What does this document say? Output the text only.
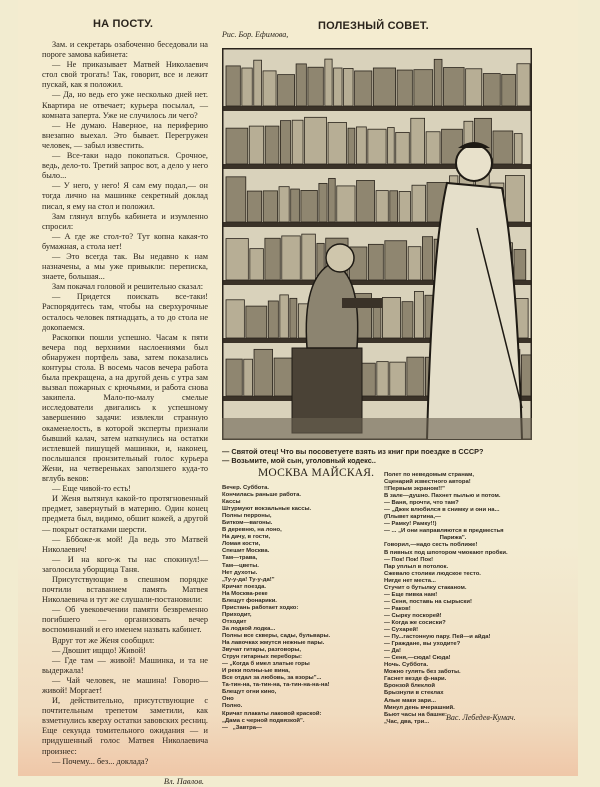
НА ПОСТУ.

Зам. и секретарь озабоченно беседовали на пороге замова кабинета:

— Не приказывает Матвей Николаевич стол свой трогать! Так, говорит, все и лежит пускай, как я положил.

— Да, но ведь его уже несколько дней нет. Квартира не отвечает; курьера посылал, — комната заперта. Уже не случилось ли чего?

— Не думаю. Наверное, на периферию внезапно выехал. Это бывает. Перегружен человек, — забыл известить.

— Все-таки надо покопаться. Срочное, ведь, дело-то. Третий запрос вот, а дело у него было...

— У него, у него! Я сам ему подал,— он тогда лично на машинке секретный доклад писал, я ему на стол и положил.

Зам глянул вглубь кабинета и изумленно спросил:

— А где же стол-то? Тут копна какая-то бумажная, а стола нет!

— Это всегда так. Вы недавно к нам назначены, а мы уже привыкли: переписка, знаете, большая...

Зам покачал головой и решительно сказал:

— Придется поискать все-таки! Распорядитесь там, чтобы на сверхурочные осталось человек пятнадцать, а то до стола не докопаемся.

Раскопки пошли успешно. Часам к пяти вечера под верхними наслоениями был обнаружен портфель зава, затем показались контуры стола. В восемь часов вечера работа была прекращена, а на другой день с утра зам вызвал пожарных с крючьями, и работа снова закипела. Мало-по-малу смелые исследователи двигались к успешному завершению задачи: извлекли странную окаменелость, в которой эксперты признали бывший калач, затем наткнулись на остатки истлевшей пишущей машинки, и, наконец, послышался пронзительный голос курьера Жени, на четвереньках заползшего куда-то вглубь веков:

— Еще чивой-то есть!

И Женя вытянул какой-то протягновенный предмет, завернутый в материю. Один конец предмета был, видимо, обшит кожей, а другой — покрыт остатками шерсти.

— Бббоже-ж мой! Да ведь это Матвей Николаевич!

— И на кого-ж ты нас спокинул!— заголосила уборщица Таня.

Присутствующие в спешном порядке почтили вставанием память Матвея Николаевича и тут же слушали-постановили:

— Об увековечении памяти безвременно погибшего — организовать вечер воспоминаний и его именем назвать кабинет.

Вдруг тот же Женя сообщил:

— Двошит ищщо! Живой!

— Где там — живой! Машинка, и та не выдержала!

— Чай человек, не машина! Говорю— живой! Моргает!

И, действительно, присутствующие с почтительным трепетом заметили, как взметнулись кверху остатки завовских ресниц. Еще секунда томительного ожидания — и придушенный голос Матвея Николаевича произнес:

— Почему... без... доклада?

Вл. Павлов.

ПОЛЕЗНЫЙ СОВЕТ.
Рис. Бор. Ефимова,
— Святой отец! Что вы посоветуете взять из книг при поездке в СССР?
— Возьмите, мой сын, уголовный кодекс..
МОСКВА МАЙСКАЯ.
Вечер. Суббота.
Кончилась раньше работа.
Кассы
Штурмуют вокзальные кассы.
Полны перроны,
Битком—вагоны.
В деревню, на лоно,
На дачу, в гости,
Ломая кости,
Спешит Москва.
Там—трава,
Там—цветы.
Нет духоты.
„Ту-у-да! Ту-у-да!"
Кричат поезда.
На Москва-реке
Блещут фонарики.
Пристань работает ходко:
Приходит,
Отходит
За лодкой лодка...
Полны все скверы, сады, бульвары.
На лавочках жмутся нежные пары.
Звучат гитары, разговоры,
Струн гитарных переборы:
— „Когда б имел златые горы
И реки полны-ые вина,
Все отдал за любовь, за взоры"...
Та-тин-на, та-тин-на, та-тин-на-на-на!
Блещут огни кино,
Оно
Полно.
Кричат плакаты лаковой краской:
„Дама с черной подвязкой".
—   „Завтра—
Полет по неведомым странам,
Сценарий известного автора!
!!Первым экраном!!"
В зале—душно. Пахнет пылью и потом.
— Ваня, прочти, что там?
— „Джек влюбился в снимку и они на...
(Плывет картина,—
— Рамку! Рамку!!)
— ... „И они направляются в предместья
Парижа".
Говорил,—надо сесть поближе!
В пивных под шпотором чмокают пробки.
— Пок! Пок! Пок!
Пар уплыл в потолок.
Сжевало столики людское тесто.
Нигде нет места...
Стучит о бутылку стаканом.
— Еще пивка нам!
— Сеня, поставь на сырыски!
— Раков!
— Сырку поскорей!
— Когда же сосиски?
— Сухарей!
— Пу...гастонную пару. Пей—и айда!
— Граждане, вы уходите?
— Да!
— Сеня,—сюда! Сюда!
Ночь. Суббота.
Можно гулять без заботы.
Гаснет везде ф-нари.
Бронзой блеклой
Брызнули в стеклах
Алые маки зари...
Минул день вчерашний.
Бьют часы на башне:
„Час, два, три...	Вас. Лебедев-Кумач.
